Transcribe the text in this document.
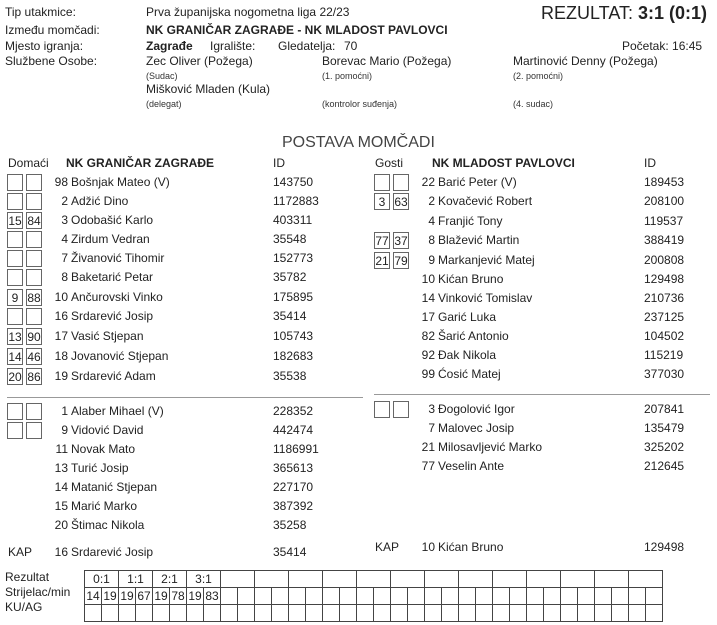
Tip utakmice:	Prva županijska nogometna liga 22/23	REZULTAT: 3:1 (0:1)
Između momčadi:	NK GRANIČAR ZAGRAĐE - NK MLADOST PAVLOVCI
Mjesto igranja:	Zagrađe Igralište: Gledatelja: 70	Početak: 16:45
Službene Osobe:	Zec Oliver (Požega)
(Sudac)
Borevac Mario (Požega)
(1. pomoćni)
Martinović Denny (Požega)
(2. pomoćni)
Mišković Mladen (Kula)
(delegat)	(kontrolor suđenja)	(4. sudac)
POSTAVA MOMČADI
Domaći NK GRANIČAR ZAGRAĐE	ID	Gosti NK MLADOST PAVLOVCI	ID
98 Bošnjak Mateo (V)	143750
2 Adžić Dino	1172883
15 84	3 Odobašić Karlo	403311
4 Zirdum Vedran	35548
7 Živanović Tihomir	152773
8 Baketarić Petar	35782
9 88	10 Ančurovski Vinko	175895
16 Srdarević Josip	35414
13 90	17 Vasić Stjepan	105743
14 46	18 Jovanović Stjepan	182683
20 86	19 Srdarević Adam	35538
1 Alaber Mihael (V)	228352
9 Vidović David	442474
11 Novak Mato	1186991
13 Turić Josip	365613
14 Matanić Stjepan	227170
15 Marić Marko	387392
20 Štimac Nikola	35258
KAP	16 Srdarević Josip	35414
22 Barić Peter (V)	189453
3 63	2 Kovačević Robert	208100
4 Franjić Tony	119537
77 37	8 Blažević Martin	388419
21 79	9 Markanjević Matej	200808
10 Kićan Bruno	129498
14 Vinković Tomislav	210736
17 Garić Luka	237125
82 Šarić Antonio	104502
92 Đak Nikola	115219
99 Ćosić Matej	377030
3 Đogolović Igor	207841
7 Malovec Josip	135479
21 Milosavljević Marko	325202
77 Veselin Ante	212645
KAP	10 Kićan Bruno	129498
Rezultat
Strijelac/min
KU/AG
0:1		1:1		2:1		3:1																											
14	19	19	67	19	78	19	83																										
